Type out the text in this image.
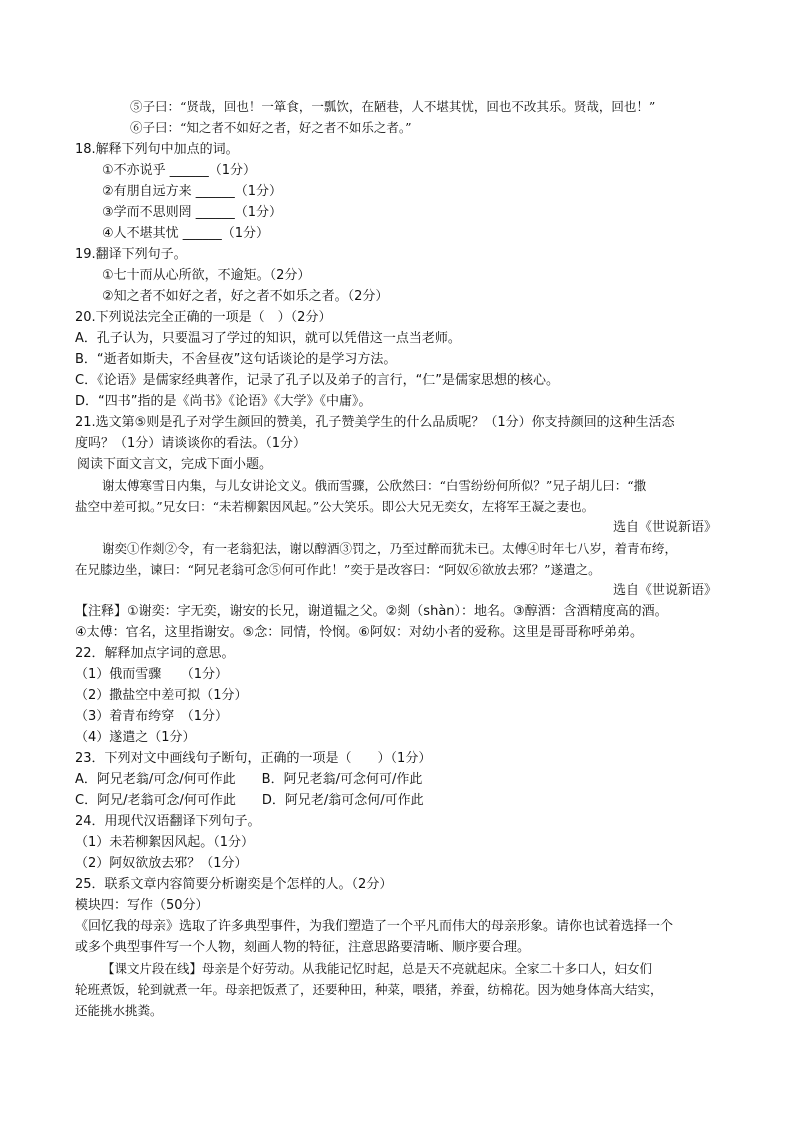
⑤子曰：“贤哉，回也！一箪食，一瓢饮，在陋巷，人不堪其忧，回也不改其乐。贤哉，回也！”
⑥子曰：“知之者不如好之者，好之者不如乐之者。”
18.解释下列句中加点的词。
①不亦说乎 ______（1分）
②有朋自远方来 ______（1分）
③学而不思则罔 ______（1分）
④人不堪其忧 ______（1分）
19.翻译下列句子。
①七十而从心所欲，不逾矩。（2分）
②知之者不如好之者，好之者不如乐之者。（2分）
20.下列说法完全正确的一项是（　）（2分）
A．孔子认为，只要温习了学过的知识，就可以凭借这一点当老师。
B．“逝者如斯夫，不舍昼夜”这句话谈论的是学习方法。
C．《论语》是儒家经典著作，记录了孔子以及弟子的言行，“仁”是儒家思想的核心。
D．“四书”指的是《尚书》《论语》《大学》《中庸》。
21.选文第⑤则是孔子对学生颜回的赞美，孔子赞美学生的什么品质呢？（1分）你支持颜回的这种生活态
度吗？（1分）请谈谈你的看法。（1分）
阅读下面文言文，完成下面小题。
谢太傅寒雪日内集，与儿女讲论文义。俄而雪骤，公欣然曰：“白雪纷纷何所似？”兄子胡儿曰：“撒
盐空中差可拟。”兄女曰：“未若柳絮因风起。”公大笑乐。即公大兄无奕女，左将军王凝之妻也。
选自《世说新语》
谢奕①作剡②令，有一老翁犯法，谢以醇酒③罚之，乃至过醉而犹未已。太傅④时年七八岁，着青布绔，
在兄膝边坐，谏曰：“阿兄老翁可念⑤何可作此！”奕于是改容曰：“阿奴⑥欲放去邪？”遂遣之。
选自《世说新语》
【注释】①谢奕：字无奕，谢安的长兄，谢道韫之父。②剡（shàn）：地名。③醇酒：含酒精度高的酒。
④太傅：官名，这里指谢安。⑤念：同情，怜悯。⑥阿奴：对幼小者的爱称。这里是哥哥称呼弟弟。
22．解释加点字词的意思。
（1）俄而雪骤　　（1分）
（2）撒盐空中差可拟（1分）
（3）着青布绔穿　（1分）
（4）遂遣之（1分）
23．下列对文中画线句子断句，正确的一项是（　　）（1分）
A．阿兄老翁/可念/何可作此　　B．阿兄老翁/可念何可/作此
C．阿兄/老翁可念/何可作此　　D．阿兄老/翁可念何/可作此
24．用现代汉语翻译下列句子。
（1）未若柳絮因风起。（1分）
（2）阿奴欲放去邪？（1分）
25．联系文章内容简要分析谢奕是个怎样的人。（2分）
模块四：写作（50分）
《回忆我的母亲》选取了许多典型事件，为我们塑造了一个平凡而伟大的母亲形象。请你也试着选择一个
或多个典型事件写一个人物，刻画人物的特征，注意思路要清晰、顺序要合理。
【课文片段在线】母亲是个好劳动。从我能记忆时起，总是天不亮就起床。全家二十多口人，妇女们
轮班煮饭，轮到就煮一年。母亲把饭煮了，还要种田，种菜，喂猪，养蚕，纺棉花。因为她身体高大结实，
还能挑水挑粪。
